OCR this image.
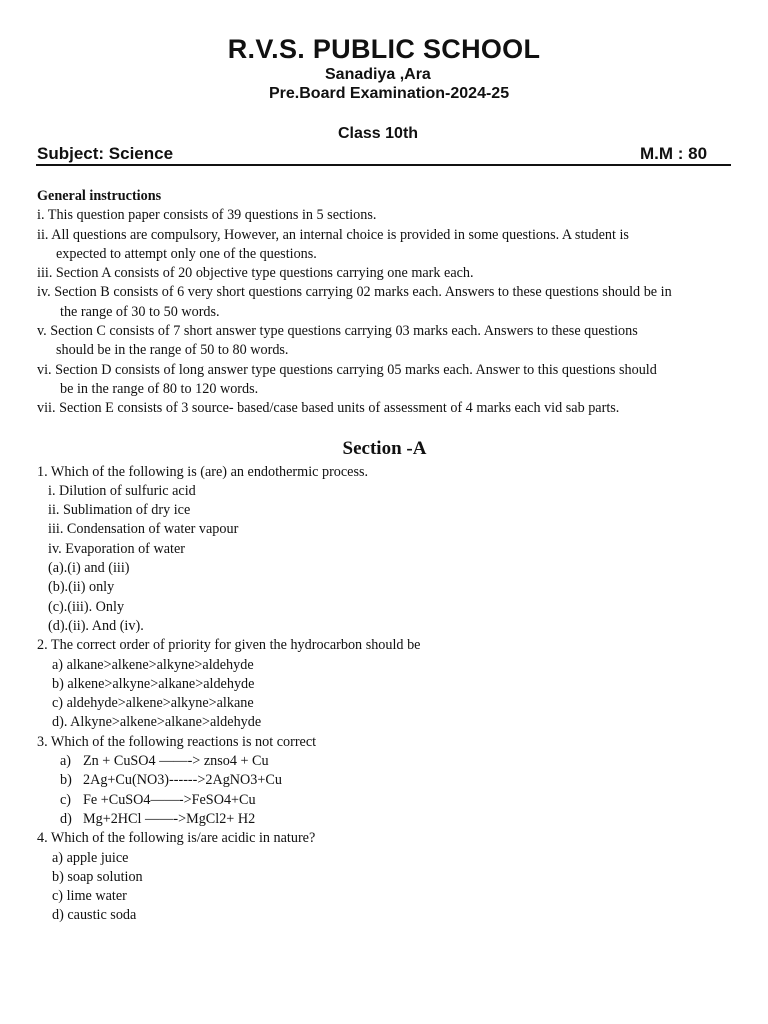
R.V.S. PUBLIC SCHOOL
Sanadiya ,Ara
Pre.Board Examination-2024-25
Class 10th
Subject: Science	M.M : 80
General instructions
i. This question paper consists of 39 questions in 5 sections.
ii. All questions are compulsory, However, an internal choice is provided in some questions. A student is
expected to attempt only one of the questions.
iii. Section A consists of 20 objective type questions carrying one mark each.
iv. Section B consists of 6 very short questions carrying 02 marks each. Answers to these questions should be in
the range of 30 to 50 words.
v. Section C consists of 7 short answer type questions carrying 03 marks each. Answers to these questions
should be in the range of 50 to 80 words.
vi. Section D consists of long answer type questions carrying 05 marks each. Answer to this questions should
be in the range of 80 to 120 words.
vii. Section E consists of 3 source- based/case based units of assessment of 4 marks each vid sab parts.
Section -A
1. Which of the following is (are) an endothermic process.
i. Dilution of sulfuric acid
ii. Sublimation of dry ice
iii. Condensation of water vapour
iv. Evaporation of water
(a).(i) and (iii)
(b).(ii) only
(c).(iii). Only
(d).(ii). And (iv).
2. The correct order of priority for given the hydrocarbon should be
a) alkane>alkene>alkyne>aldehyde
b) alkene>alkyne>alkane>aldehyde
c) aldehyde>alkene>alkyne>alkane
d). Alkyne>alkene>alkane>aldehyde
3. Which of the following reactions is not correct
a) Zn + CuSO4 ——-> znso4 + Cu
b) 2Ag+Cu(NO3)------>2AgNO3+Cu
c) Fe +CuSO4——->FeSO4+Cu
d) Mg+2HCl ——->MgCl2+ H2
4. Which of the following is/are acidic in nature?
a) apple juice
b) soap solution
c) lime water
d) caustic soda
